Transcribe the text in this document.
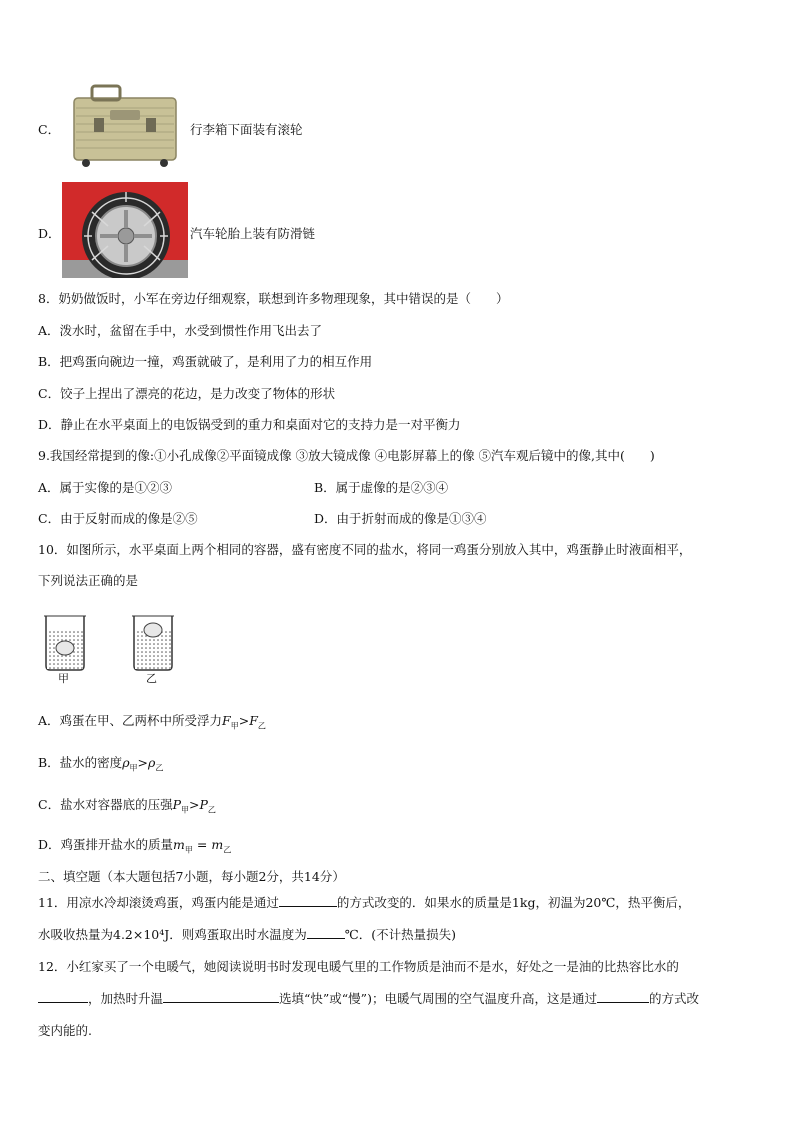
C．	行李箱下面装有滚轮
D．	汽车轮胎上装有防滑链
8．奶奶做饭时，小军在旁边仔细观察，联想到许多物理现象，其中错误的是（　　）
A．泼水时，盆留在手中，水受到惯性作用飞出去了
B．把鸡蛋向碗边一撞，鸡蛋就破了，是利用了力的相互作用
C．饺子上捏出了漂亮的花边，是力改变了物体的形状
D．静止在水平桌面上的电饭锅受到的重力和桌面对它的支持力是一对平衡力
9.我国经常提到的像:①小孔成像②平面镜成像 ③放大镜成像 ④电影屏幕上的像 ⑤汽车观后镜中的像,其中(　　)
A．属于实像的是①②③	B．属于虚像的是②③④
C．由于反射而成的像是②⑤	D．由于折射而成的像是①③④
10．如图所示，水平桌面上两个相同的容器，盛有密度不同的盐水，将同一鸡蛋分别放入其中，鸡蛋静止时液面相平，
下列说法正确的是
甲	乙
A．鸡蛋在甲、乙两杯中所受浮力$F_甲>F_乙$
B．盐水的密度$\rho_甲>\rho_乙$
C．盐水对容器底的压强$P_甲>P_乙$
D．鸡蛋排开盐水的质量$m_甲 = m_乙$
二、填空题（本大题包括7小题，每小题2分，共14分）
11．用凉水冷却滚烫鸡蛋，鸡蛋内能是通过	的方式改变的．如果水的质量是1kg，初温为20℃，热平衡后，
水吸收热量为4.2×10⁴J．则鸡蛋取出时水温度为	℃．(不计热量损失)
12．小红家买了一个电暖气，她阅读说明书时发现电暖气里的工作物质是油而不是水，好处之一是油的比热容比水的
，加热时升温	选填“快”或“慢”)；电暖气周围的空气温度升高，这是通过	的方式改
变内能的.
